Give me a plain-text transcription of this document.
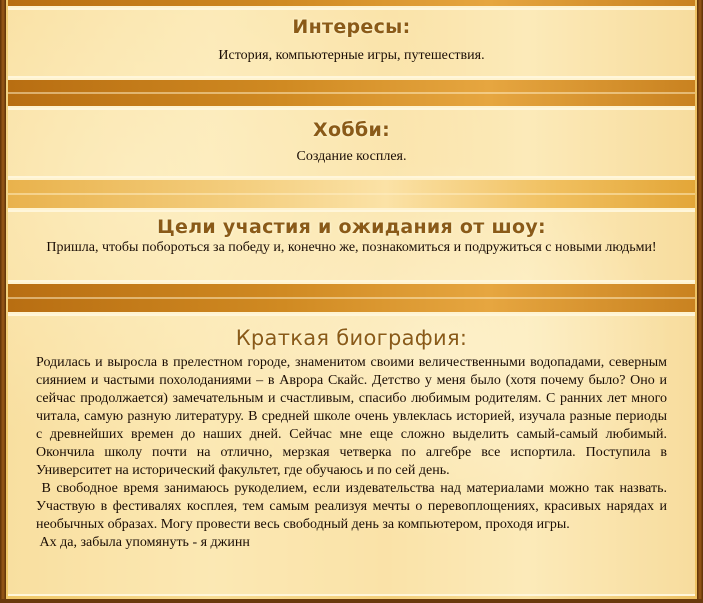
Интересы:

История, компьютерные игры, путешествия.

Хобби:

Создание косплея.

Цели участия и ожидания от шоу:

Пришла, чтобы побороться за победу и, конечно же, познакомиться и подружиться с новыми людьми!

Краткая биография:

Родилась и выросла в прелестном городе, знаменитом своими величественными водопадами, северным сиянием и частыми похолоданиями – в Аврора Скайс. Детство у меня было (хотя почему было? Оно и сейчас продолжается) замечательным и счастливым, спасибо любимым родителям. С ранних лет много читала, самую разную литературу. В средней школе очень увлеклась историей, изучала разные периоды с древнейших времен до наших дней. Сейчас мне еще сложно выделить самый-самый любимый. Окончила школу почти на отлично, мерзкая четверка по алгебре все испортила. Поступила в Университет на исторический факультет, где обучаюсь и по сей день.

В свободное время занимаюсь рукоделием, если издевательства над материалами можно так назвать. Участвую в фестивалях косплея, тем самым реализуя мечты о перевоплощениях, красивых нарядах и необычных образах. Могу провести весь свободный день за компьютером, проходя игры.

Ах да, забыла упомянуть - я джинн
